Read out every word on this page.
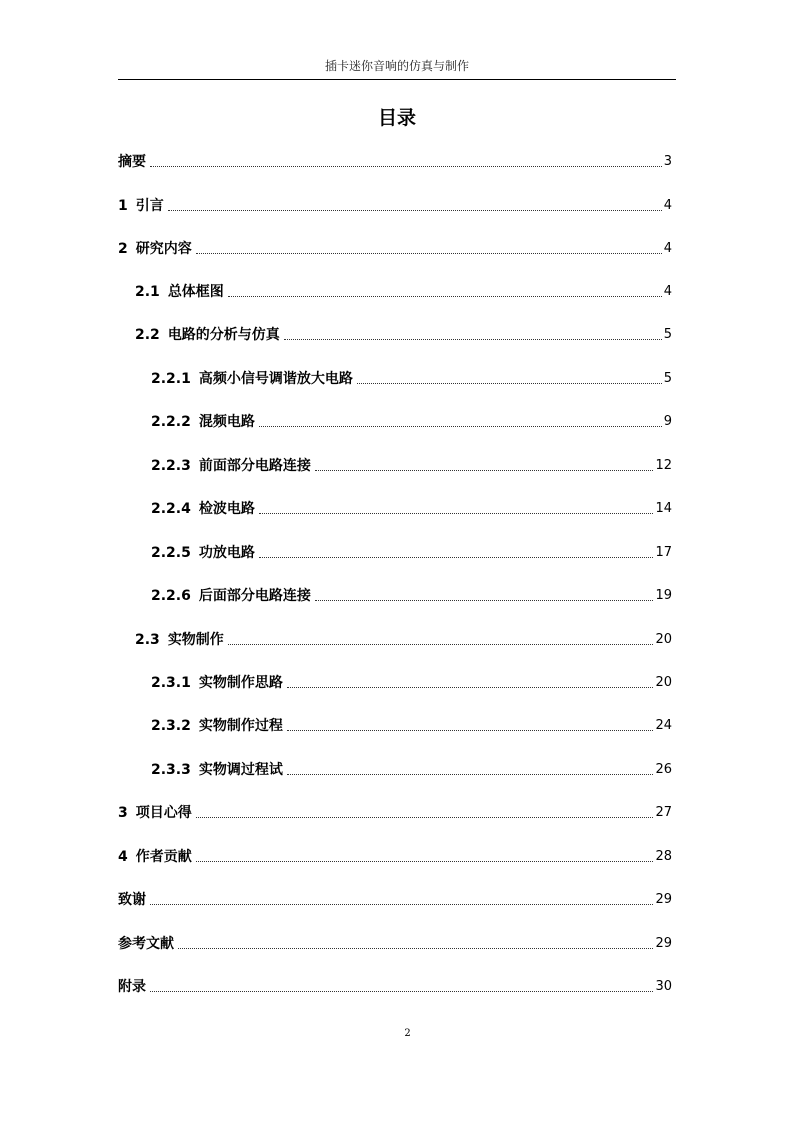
插卡迷你音响的仿真与制作
目录
摘要	3
1 引言	4
2 研究内容	4
2.1 总体框图	4
2.2 电路的分析与仿真	5
2.2.1 高频小信号调谐放大电路	5
2.2.2 混频电路	9
2.2.3 前面部分电路连接	12
2.2.4 检波电路	14
2.2.5 功放电路	17
2.2.6 后面部分电路连接	19
2.3 实物制作	20
2.3.1 实物制作思路	20
2.3.2 实物制作过程	24
2.3.3 实物调过程试	26
3 项目心得	27
4 作者贡献	28
致谢	29
参考文献	29
附录	30
2
